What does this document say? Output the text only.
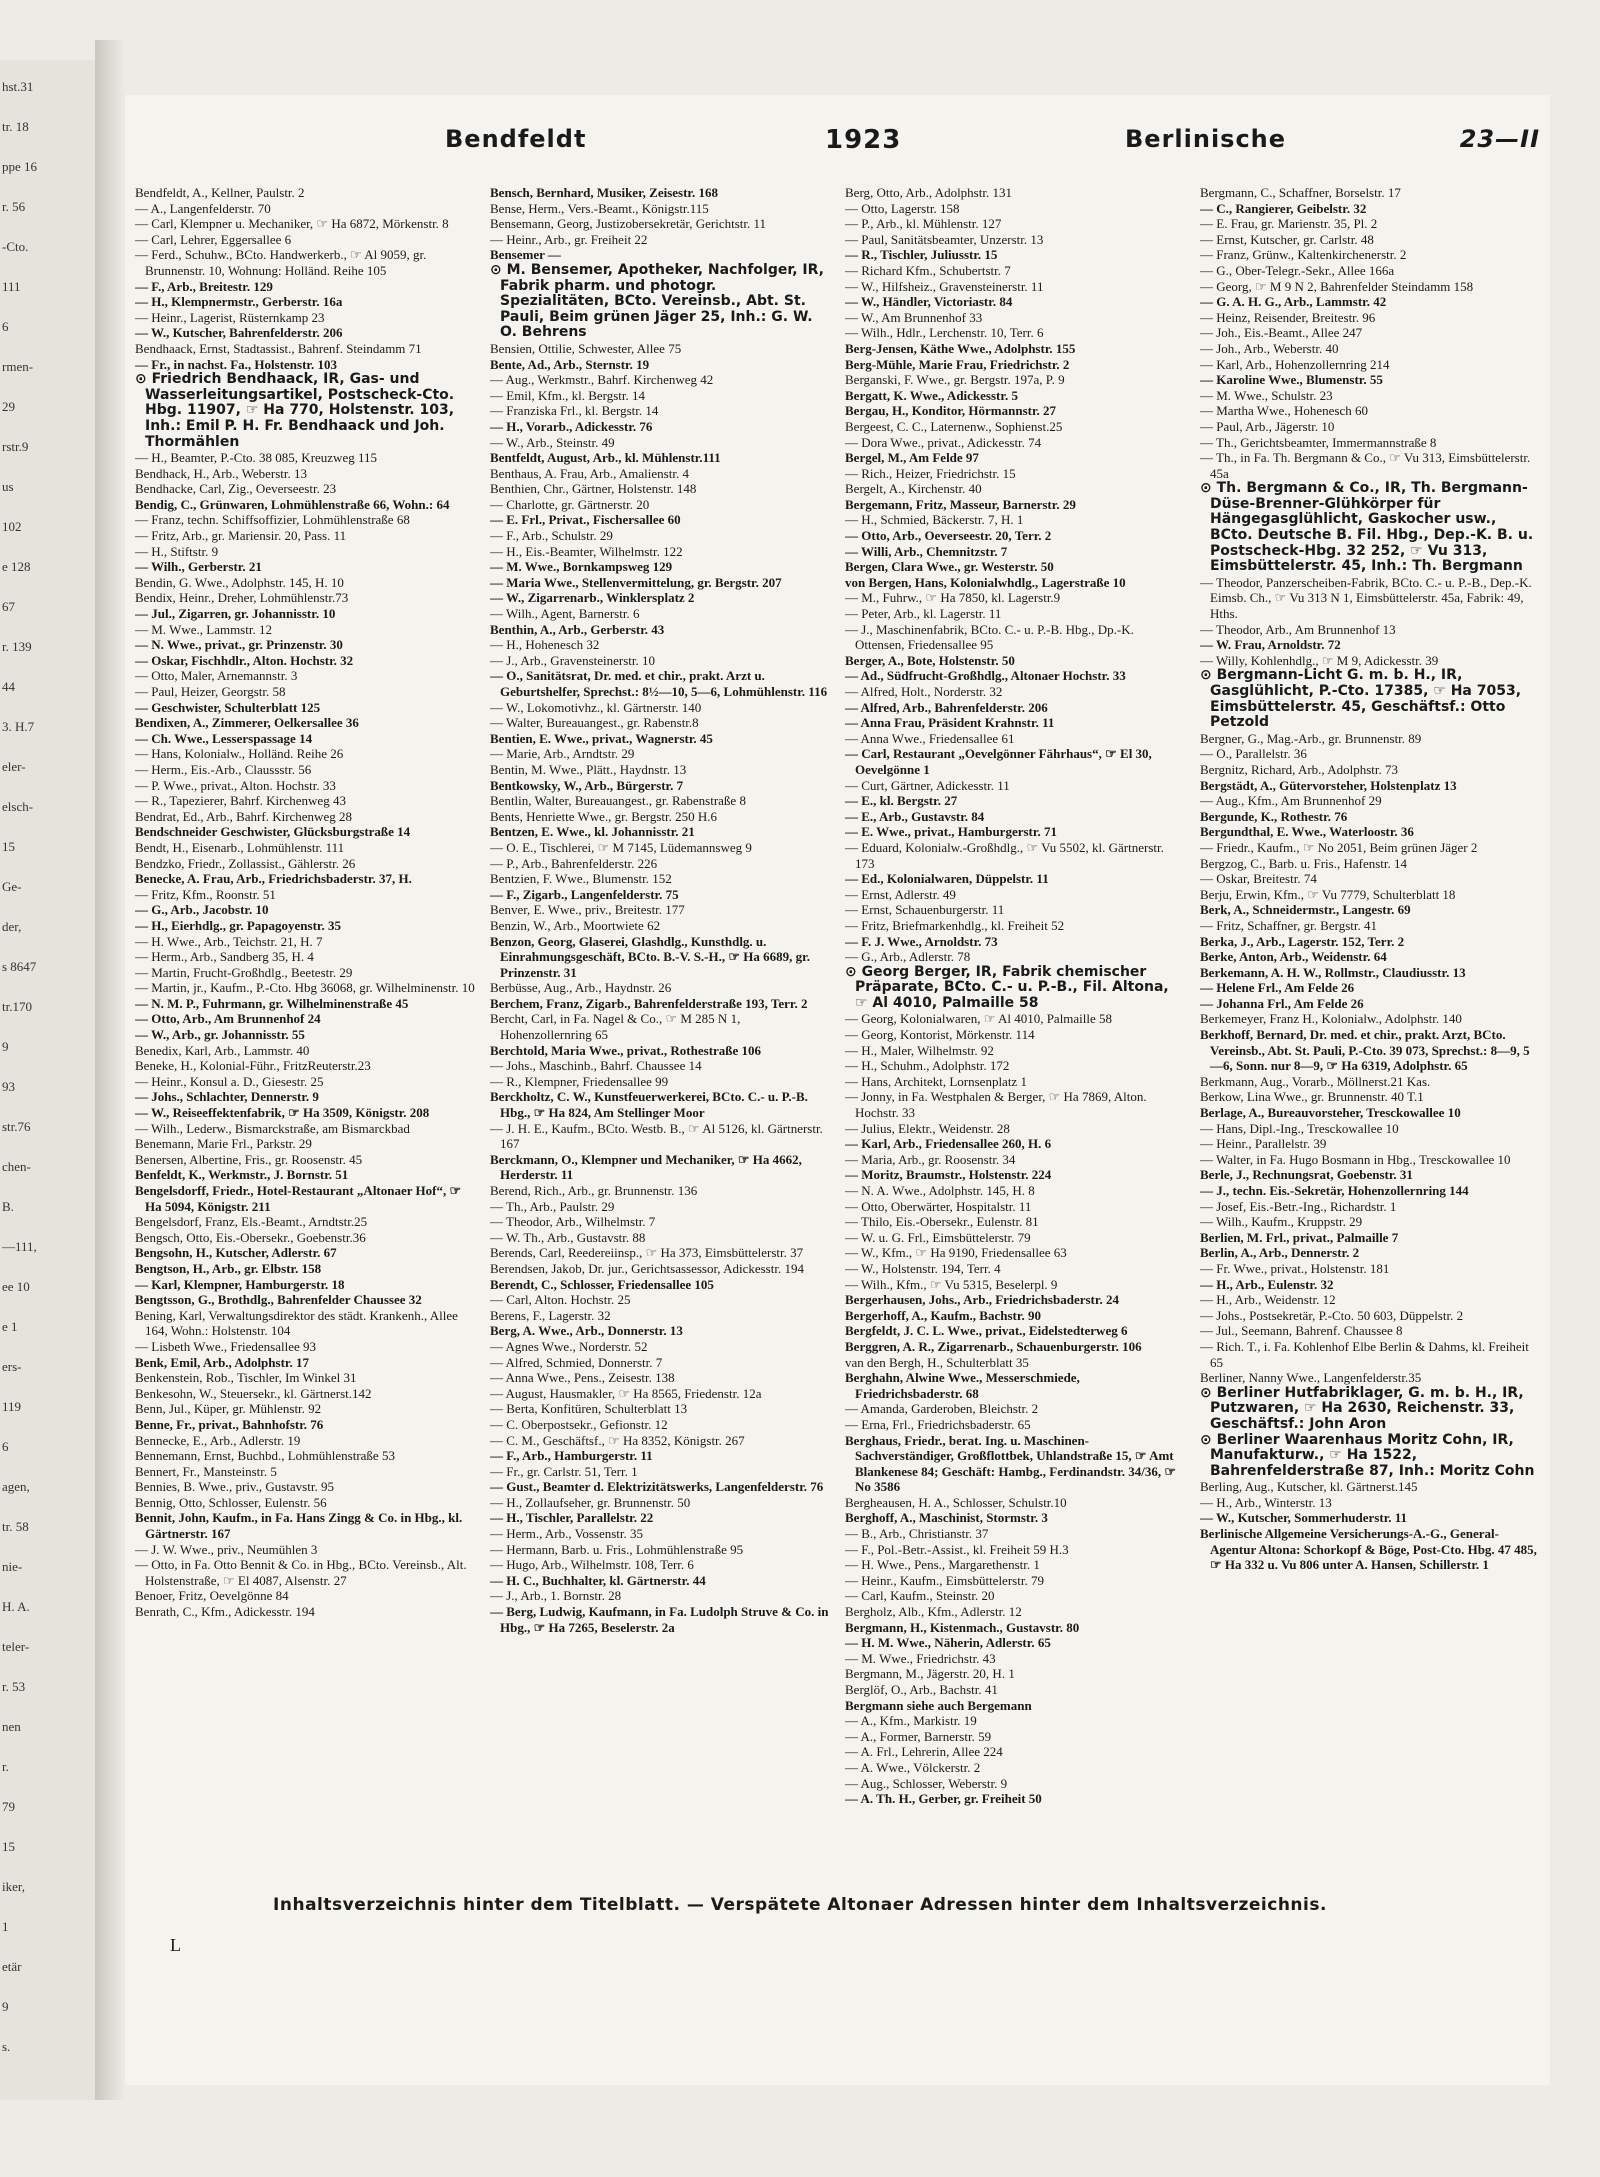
hst.31
tr. 18
ppe 16
r. 56
-Cto.
111
6
rmen-
29
rstr.9
us
102
e 128
67
r. 139
44
3. H.7
eler-
elsch-
15
Ge-
der,
s 8647
tr.170
9
93
str.76
chen-
B.
—111,
ee 10
e 1
ers-
119
6
agen,
tr. 58
nie-
H. A.
teler-
r. 53
nen
r.
79
15
iker,
1
etär
9
s.
Bendfeldt	1923	Berlinische	23—II

Bendfeldt, A., Kellner, Paulstr. 2

— A., Langenfelderstr. 70

— Carl, Klempner u. Mechaniker, ☞ Ha 6872, Mörkenstr. 8

— Carl, Lehrer, Eggersallee 6

— Ferd., Schuhw., BCto. Handwerkerb., ☞ Al 9059, gr. Brunnenstr. 10, Wohnung: Holländ. Reihe 105

— F., Arb., Breitestr. 129

— H., Klempnermstr., Gerberstr. 16a

— Heinr., Lagerist, Rüsternkamp 23

— W., Kutscher, Bahrenfelderstr. 206

Bendhaack, Ernst, Stadtassist., Bahrenf. Steindamm 71

— Fr., in nachst. Fa., Holstenstr. 103

⊙ Friedrich Bendhaack, IR, Gas- und Wasserleitungsartikel, Postscheck-Cto. Hbg. 11907, ☞ Ha 770, Holstenstr. 103, Inh.: Emil P. H. Fr. Bendhaack und Joh. Thormählen

— H., Beamter, P.-Cto. 38 085, Kreuzweg 115

Bendhack, H., Arb., Weberstr. 13

Bendhacke, Carl, Zig., Oeverseestr. 23

Bendig, C., Grünwaren, Lohmühlenstraße 66, Wohn.: 64

— Franz, techn. Schiffsoffizier, Lohmühlenstraße 68

— Fritz, Arb., gr. Mariensir. 20, Pass. 11

— H., Stiftstr. 9

— Wilh., Gerberstr. 21

Bendin, G. Wwe., Adolphstr. 145, H. 10

Bendix, Heinr., Dreher, Lohmühlenstr.73

— Jul., Zigarren, gr. Johannisstr. 10

— M. Wwe., Lammstr. 12

— N. Wwe., privat., gr. Prinzenstr. 30

— Oskar, Fischhdlr., Alton. Hochstr. 32

— Otto, Maler, Arnemannstr. 3

— Paul, Heizer, Georgstr. 58

— Geschwister, Schulterblatt 125

Bendixen, A., Zimmerer, Oelkersallee 36

— Ch. Wwe., Lesserspassage 14

— Hans, Kolonialw., Holländ. Reihe 26

— Herm., Eis.-Arb., Claussstr. 56

— P. Wwe., privat., Alton. Hochstr. 33

— R., Tapezierer, Bahrf. Kirchenweg 43

Bendrat, Ed., Arb., Bahrf. Kirchenweg 28

Bendschneider Geschwister, Glücksburgstraße 14

Bendt, H., Eisenarb., Lohmühlenstr. 111

Bendzko, Friedr., Zollassist., Gählerstr. 26

Benecke, A. Frau, Arb., Friedrichsbaderstr. 37, H.

— Fritz, Kfm., Roonstr. 51

— G., Arb., Jacobstr. 10

— H., Eierhdlg., gr. Papagoyenstr. 35

— H. Wwe., Arb., Teichstr. 21, H. 7

— Herm., Arb., Sandberg 35, H. 4

— Martin, Frucht-Großhdlg., Beetestr. 29

— Martin, jr., Kaufm., P.-Cto. Hbg 36068, gr. Wilhelminenstr. 10

— N. M. P., Fuhrmann, gr. Wilhelminenstraße 45

— Otto, Arb., Am Brunnenhof 24

— W., Arb., gr. Johannisstr. 55

Benedix, Karl, Arb., Lammstr. 40

Beneke, H., Kolonial-Führ., FritzReuterstr.23

— Heinr., Konsul a. D., Giesestr. 25

— Johs., Schlachter, Dennerstr. 9

— W., Reiseeffektenfabrik, ☞ Ha 3509, Königstr. 208

— Wilh., Lederw., Bismarckstraße, am Bismarckbad

Benemann, Marie Frl., Parkstr. 29

Benersen, Albertine, Fris., gr. Roosenstr. 45

Benfeldt, K., Werkmstr., J. Bornstr. 51

Bengelsdorff, Friedr., Hotel-Restaurant „Altonaer Hof“, ☞ Ha 5094, Königstr. 211

Bengelsdorf, Franz, Els.-Beamt., Arndtstr.25

Bengsch, Otto, Eis.-Obersekr., Goebenstr.36

Bengsohn, H., Kutscher, Adlerstr. 67

Bengtson, H., Arb., gr. Elbstr. 158

— Karl, Klempner, Hamburgerstr. 18

Bengtsson, G., Brothdlg., Bahrenfelder Chaussee 32

Bening, Karl, Verwaltungsdirektor des städt. Krankenh., Allee 164, Wohn.: Holstenstr. 104

— Lisbeth Wwe., Friedensallee 93

Benk, Emil, Arb., Adolphstr. 17

Benkenstein, Rob., Tischler, Im Winkel 31

Benkesohn, W., Steuersekr., kl. Gärtnerst.142

Benn, Jul., Küper, gr. Mühlenstr. 92

Benne, Fr., privat., Bahnhofstr. 76

Bennecke, E., Arb., Adlerstr. 19

Bennemann, Ernst, Buchbd., Lohmühlenstraße 53

Bennert, Fr., Mansteinstr. 5

Bennies, B. Wwe., priv., Gustavstr. 95

Bennig, Otto, Schlosser, Eulenstr. 56

Bennit, John, Kaufm., in Fa. Hans Zingg & Co. in Hbg., kl. Gärtnerstr. 167

— J. W. Wwe., priv., Neumühlen 3

— Otto, in Fa. Otto Bennit & Co. in Hbg., BCto. Vereinsb., Alt. Holstenstraße, ☞ El 4087, Alsenstr. 27

Benoer, Fritz, Oevelgönne 84

Benrath, C., Kfm., Adickesstr. 194

Bensch, Bernhard, Musiker, Zeisestr. 168

Bense, Herm., Vers.-Beamt., Königstr.115

Bensemann, Georg, Justizobersekretär, Gerichtstr. 11

— Heinr., Arb., gr. Freiheit 22

Bensemer —

⊙ M. Bensemer, Apotheker, Nachfolger, IR, Fabrik pharm. und photogr. Spezialitäten, BCto. Vereinsb., Abt. St. Pauli, Beim grünen Jäger 25, Inh.: G. W. O. Behrens

Bensien, Ottilie, Schwester, Allee 75

Bente, Ad., Arb., Sternstr. 19

— Aug., Werkmstr., Bahrf. Kirchenweg 42

— Emil, Kfm., kl. Bergstr. 14

— Franziska Frl., kl. Bergstr. 14

— H., Vorarb., Adickesstr. 76

— W., Arb., Steinstr. 49

Bentfeldt, August, Arb., kl. Mühlenstr.111

Benthaus, A. Frau, Arb., Amalienstr. 4

Benthien, Chr., Gärtner, Holstenstr. 148

— Charlotte, gr. Gärtnerstr. 20

— E. Frl., Privat., Fischersallee 60

— F., Arb., Schulstr. 29

— H., Eis.-Beamter, Wilhelmstr. 122

— M. Wwe., Bornkampsweg 129

— Maria Wwe., Stellenvermittelung, gr. Bergstr. 207

— W., Zigarrenarb., Winklersplatz 2

— Wilh., Agent, Barnerstr. 6

Benthin, A., Arb., Gerberstr. 43

— H., Hohenesch 32

— J., Arb., Gravensteinerstr. 10

— O., Sanitätsrat, Dr. med. et chir., prakt. Arzt u. Geburtshelfer, Sprechst.: 8½—10, 5—6, Lohmühlenstr. 116

— W., Lokomotivhz., kl. Gärtnerstr. 140

— Walter, Bureauangest., gr. Rabenstr.8

Bentien, E. Wwe., privat., Wagnerstr. 45

— Marie, Arb., Arndtstr. 29

Bentin, M. Wwe., Plätt., Haydnstr. 13

Bentkowsky, W., Arb., Bürgerstr. 7

Bentlin, Walter, Bureauangest., gr. Rabenstraße 8

Bents, Henriette Wwe., gr. Bergstr. 250 H.6

Bentzen, E. Wwe., kl. Johannisstr. 21

— O. E., Tischlerei, ☞ M 7145, Lüdemannsweg 9

— P., Arb., Bahrenfelderstr. 226

Bentzien, F. Wwe., Blumenstr. 152

— F., Zigarb., Langenfelderstr. 75

Benver, E. Wwe., priv., Breitestr. 177

Benzin, W., Arb., Moortwiete 62

Benzon, Georg, Glaserei, Glashdlg., Kunsthdlg. u. Einrahmungsgeschäft, BCto. B.-V. S.-H., ☞ Ha 6689, gr. Prinzenstr. 31

Berbüsse, Aug., Arb., Haydnstr. 26

Berchem, Franz, Zigarb., Bahrenfelderstraße 193, Terr. 2

Bercht, Carl, in Fa. Nagel & Co., ☞ M 285 N 1, Hohenzollernring 65

Berchtold, Maria Wwe., privat., Rothestraße 106

— Johs., Maschinb., Bahrf. Chaussee 14

— R., Klempner, Friedensallee 99

Berckholtz, C. W., Kunstfeuerwerkerei, BCto. C.- u. P.-B. Hbg., ☞ Ha 824, Am Stellinger Moor

— J. H. E., Kaufm., BCto. Westb. B., ☞ Al 5126, kl. Gärtnerstr. 167

Berckmann, O., Klempner und Mechaniker, ☞ Ha 4662, Herderstr. 11

Berend, Rich., Arb., gr. Brunnenstr. 136

— Th., Arb., Paulstr. 29

— Theodor, Arb., Wilhelmstr. 7

— W. Th., Arb., Gustavstr. 88

Berends, Carl, Reedereiinsp., ☞ Ha 373, Eimsbüttelerstr. 37

Berendsen, Jakob, Dr. jur., Gerichtsassessor, Adickesstr. 194

Berendt, C., Schlosser, Friedensallee 105

— Carl, Alton. Hochstr. 25

Berens, F., Lagerstr. 32

Berg, A. Wwe., Arb., Donnerstr. 13

— Agnes Wwe., Norderstr. 52

— Alfred, Schmied, Donnerstr. 7

— Anna Wwe., Pens., Zeisestr. 138

— August, Hausmakler, ☞ Ha 8565, Friedenstr. 12a

— Berta, Konfitüren, Schulterblatt 13

— C. Oberpostsekr., Gefionstr. 12

— C. M., Geschäftsf., ☞ Ha 8352, Königstr. 267

— F., Arb., Hamburgerstr. 11

— Fr., gr. Carlstr. 51, Terr. 1

— Gust., Beamter d. Elektrizitätswerks, Langenfelderstr. 76

— H., Zollaufseher, gr. Brunnenstr. 50

— H., Tischler, Parallelstr. 22

— Herm., Arb., Vossenstr. 35

— Hermann, Barb. u. Fris., Lohmühlenstraße 95

— Hugo, Arb., Wilhelmstr. 108, Terr. 6

— H. C., Buchhalter, kl. Gärtnerstr. 44

— J., Arb., 1. Bornstr. 28

— Berg, Ludwig, Kaufmann, in Fa. Ludolph Struve & Co. in Hbg., ☞ Ha 7265, Beselerstr. 2a

Berg, Otto, Arb., Adolphstr. 131

— Otto, Lagerstr. 158

— P., Arb., kl. Mühlenstr. 127

— Paul, Sanitätsbeamter, Unzerstr. 13

— R., Tischler, Juliusstr. 15

— Richard Kfm., Schubertstr. 7

— W., Hilfsheiz., Gravensteinerstr. 11

— W., Händler, Victoriastr. 84

— W., Am Brunnenhof 33

— Wilh., Hdlr., Lerchenstr. 10, Terr. 6

Berg-Jensen, Käthe Wwe., Adolphstr. 155

Berg-Mühle, Marie Frau, Friedrichstr. 2

Berganski, F. Wwe., gr. Bergstr. 197a, P. 9

Bergatt, K. Wwe., Adickesstr. 5

Bergau, H., Konditor, Hörmannstr. 27

Bergeest, C. C., Laternenw., Sophienst.25

— Dora Wwe., privat., Adickesstr. 74

Bergel, M., Am Felde 97

— Rich., Heizer, Friedrichstr. 15

Bergelt, A., Kirchenstr. 40

Bergemann, Fritz, Masseur, Barnerstr. 29

— H., Schmied, Bäckerstr. 7, H. 1

— Otto, Arb., Oeverseestr. 20, Terr. 2

— Willi, Arb., Chemnitzstr. 7

Bergen, Clara Wwe., gr. Westerstr. 50

von Bergen, Hans, Kolonialwhdlg., Lagerstraße 10

— M., Fuhrw., ☞ Ha 7850, kl. Lagerstr.9

— Peter, Arb., kl. Lagerstr. 11

— J., Maschinenfabrik, BCto. C.- u. P.-B. Hbg., Dp.-K. Ottensen, Friedensallee 95

Berger, A., Bote, Holstenstr. 50

— Ad., Südfrucht-Großhdlg., Altonaer Hochstr. 33

— Alfred, Holt., Norderstr. 32

— Alfred, Arb., Bahrenfelderstr. 206

— Anna Frau, Präsident Krahnstr. 11

— Anna Wwe., Friedensallee 61

— Carl, Restaurant „Oevelgönner Fährhaus“, ☞ El 30, Oevelgönne 1

— Curt, Gärtner, Adickesstr. 11

— E., kl. Bergstr. 27

— E., Arb., Gustavstr. 84

— E. Wwe., privat., Hamburgerstr. 71

— Eduard, Kolonialw.-Großhdlg., ☞ Vu 5502, kl. Gärtnerstr. 173

— Ed., Kolonialwaren, Düppelstr. 11

— Ernst, Adlerstr. 49

— Ernst, Schauenburgerstr. 11

— Fritz, Briefmarkenhdlg., kl. Freiheit 52

— F. J. Wwe., Arnoldstr. 73

— G., Arb., Adlerstr. 78

⊙ Georg Berger, IR, Fabrik chemischer Präparate, BCto. C.- u. P.-B., Fil. Altona, ☞ Al 4010, Palmaille 58

— Georg, Kolonialwaren, ☞ Al 4010, Palmaille 58

— Georg, Kontorist, Mörkenstr. 114

— H., Maler, Wilhelmstr. 92

— H., Schuhm., Adolphstr. 172

— Hans, Architekt, Lornsenplatz 1

— Jonny, in Fa. Westphalen & Berger, ☞ Ha 7869, Alton. Hochstr. 33

— Julius, Elektr., Weidenstr. 28

— Karl, Arb., Friedensallee 260, H. 6

— Maria, Arb., gr. Roosenstr. 34

— Moritz, Braumstr., Holstenstr. 224

— N. A. Wwe., Adolphstr. 145, H. 8

— Otto, Oberwärter, Hospitalstr. 11

— Thilo, Eis.-Obersekr., Eulenstr. 81

— W. u. G. Frl., Eimsbüttelerstr. 79

— W., Kfm., ☞ Ha 9190, Friedensallee 63

— W., Holstenstr. 194, Terr. 4

— Wilh., Kfm., ☞ Vu 5315, Beselerpl. 9

Bergerhausen, Johs., Arb., Friedrichsbaderstr. 24

Bergerhoff, A., Kaufm., Bachstr. 90

Bergfeldt, J. C. L. Wwe., privat., Eidelstedterweg 6

Berggren, A. R., Zigarrenarb., Schauenburgerstr. 106

van den Bergh, H., Schulterblatt 35

Berghahn, Alwine Wwe., Messerschmiede, Friedrichsbaderstr. 68

— Amanda, Garderoben, Bleichstr. 2

— Erna, Frl., Friedrichsbaderstr. 65

Berghaus, Friedr., berat. Ing. u. Maschinen-Sachverständiger, Großflottbek, Uhlandstraße 15, ☞ Amt Blankenese 84; Geschäft: Hambg., Ferdinandstr. 34/36, ☞ No 3586

Bergheausen, H. A., Schlosser, Schulstr.10

Berghoff, A., Maschinist, Stormstr. 3

— B., Arb., Christianstr. 37

— F., Pol.-Betr.-Assist., kl. Freiheit 59 H.3

— H. Wwe., Pens., Margarethenstr. 1

— Heinr., Kaufm., Eimsbüttelerstr. 79

— Carl, Kaufm., Steinstr. 20

Bergholz, Alb., Kfm., Adlerstr. 12

Bergmann, H., Kistenmach., Gustavstr. 80

— H. M. Wwe., Näherin, Adlerstr. 65

— M. Wwe., Friedrichstr. 43

Bergmann, M., Jägerstr. 20, H. 1

Berglöf, O., Arb., Bachstr. 41

Bergmann siehe auch Bergemann

— A., Kfm., Markistr. 19

— A., Former, Barnerstr. 59

— A. Frl., Lehrerin, Allee 224

— A. Wwe., Völckerstr. 2

— Aug., Schlosser, Weberstr. 9

— A. Th. H., Gerber, gr. Freiheit 50

Bergmann, C., Schaffner, Borselstr. 17

— C., Rangierer, Geibelstr. 32

— E. Frau, gr. Marienstr. 35, Pl. 2

— Ernst, Kutscher, gr. Carlstr. 48

— Franz, Grünw., Kaltenkirchenerstr. 2

— G., Ober-Telegr.-Sekr., Allee 166a

— Georg, ☞ M 9 N 2, Bahrenfelder Steindamm 158

— G. A. H. G., Arb., Lammstr. 42

— Heinz, Reisender, Breitestr. 96

— Joh., Eis.-Beamt., Allee 247

— Joh., Arb., Weberstr. 40

— Karl, Arb., Hohenzollernring 214

— Karoline Wwe., Blumenstr. 55

— M. Wwe., Schulstr. 23

— Martha Wwe., Hohenesch 60

— Paul, Arb., Jägerstr. 10

— Th., Gerichtsbeamter, Immermannstraße 8

— Th., in Fa. Th. Bergmann & Co., ☞ Vu 313, Eimsbüttelerstr. 45a

⊙ Th. Bergmann & Co., IR, Th. Bergmann-Düse-Brenner-Glühkörper für Hängegasglühlicht, Gaskocher usw., BCto. Deutsche B. Fil. Hbg., Dep.-K. B. u. Postscheck-Hbg. 32 252, ☞ Vu 313, Eimsbüttelerstr. 45, Inh.: Th. Bergmann

— Theodor, Panzerscheiben-Fabrik, BCto. C.- u. P.-B., Dep.-K. Eimsb. Ch., ☞ Vu 313 N 1, Eimsbüttelerstr. 45a, Fabrik: 49, Hths.

— Theodor, Arb., Am Brunnenhof 13

— W. Frau, Arnoldstr. 72

— Willy, Kohlenhdlg., ☞ M 9, Adickesstr. 39

⊙ Bergmann-Licht G. m. b. H., IR, Gasglühlicht, P.-Cto. 17385, ☞ Ha 7053, Eimsbüttelerstr. 45, Geschäftsf.: Otto Petzold

Bergner, G., Mag.-Arb., gr. Brunnenstr. 89

— O., Parallelstr. 36

Bergnitz, Richard, Arb., Adolphstr. 73

Bergstädt, A., Gütervorsteher, Holstenplatz 13

— Aug., Kfm., Am Brunnenhof 29

Bergunde, K., Rothestr. 76

Bergundthal, E. Wwe., Waterloostr. 36

— Friedr., Kaufm., ☞ No 2051, Beim grünen Jäger 2

Bergzog, C., Barb. u. Fris., Hafenstr. 14

— Oskar, Breitestr. 74

Berju, Erwin, Kfm., ☞ Vu 7779, Schulterblatt 18

Berk, A., Schneidermstr., Langestr. 69

— Fritz, Schaffner, gr. Bergstr. 41

Berka, J., Arb., Lagerstr. 152, Terr. 2

Berke, Anton, Arb., Weidenstr. 64

Berkemann, A. H. W., Rollmstr., Claudiusstr. 13

— Helene Frl., Am Felde 26

— Johanna Frl., Am Felde 26

Berkemeyer, Franz H., Kolonialw., Adolphstr. 140

Berkhoff, Bernard, Dr. med. et chir., prakt. Arzt, BCto. Vereinsb., Abt. St. Pauli, P.-Cto. 39 073, Sprechst.: 8—9, 5—6, Sonn. nur 8—9, ☞ Ha 6319, Adolphstr. 65

Berkmann, Aug., Vorarb., Möllnerst.21 Kas.

Berkow, Lina Wwe., gr. Brunnenstr. 40 T.1

Berlage, A., Bureauvorsteher, Tresckowallee 10

— Hans, Dipl.-Ing., Tresckowallee 10

— Heinr., Parallelstr. 39

— Walter, in Fa. Hugo Bosmann in Hbg., Tresckowallee 10

Berle, J., Rechnungsrat, Goebenstr. 31

— J., techn. Eis.-Sekretär, Hohenzollernring 144

— Josef, Eis.-Betr.-Ing., Richardstr. 1

— Wilh., Kaufm., Kruppstr. 29

Berlien, M. Frl., privat., Palmaille 7

Berlin, A., Arb., Dennerstr. 2

— Fr. Wwe., privat., Holstenstr. 181

— H., Arb., Eulenstr. 32

— H., Arb., Weidenstr. 12

— Johs., Postsekretär, P.-Cto. 50 603, Düppelstr. 2

— Jul., Seemann, Bahrenf. Chaussee 8

— Rich. T., i. Fa. Kohlenhof Elbe Berlin & Dahms, kl. Freiheit 65

Berliner, Nanny Wwe., Langenfelderstr.35

⊙ Berliner Hutfabriklager, G. m. b. H., IR, Putzwaren, ☞ Ha 2630, Reichenstr. 33, Geschäftsf.: John Aron

⊙ Berliner Waarenhaus Moritz Cohn, IR, Manufakturw., ☞ Ha 1522, Bahrenfelderstraße 87, Inh.: Moritz Cohn

Berling, Aug., Kutscher, kl. Gärtnerst.145

— H., Arb., Winterstr. 13

— W., Kutscher, Sommerhuderstr. 11

Berlinische Allgemeine Versicherungs-A.-G., General-Agentur Altona: Schorkopf & Böge, Post-Cto. Hbg. 47 485, ☞ Ha 332 u. Vu 806 unter A. Hansen, Schillerstr. 1

Inhaltsverzeichnis hinter dem Titelblatt. — Verspätete Altonaer Adressen hinter dem Inhaltsverzeichnis.
L
